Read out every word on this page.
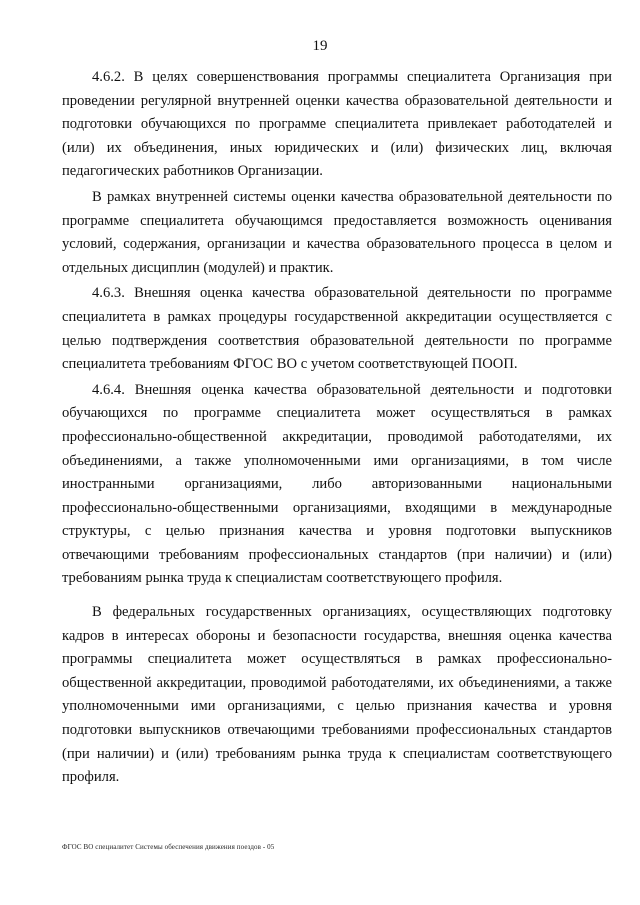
19

4.6.2. В целях совершенствования программы специалитета Организация при проведении регулярной внутренней оценки качества образовательной деятельности и подготовки обучающихся по программе специалитета привлекает работодателей и (или) их объединения, иных юридических и (или) физических лиц, включая педагогических работников Организации.

В рамках внутренней системы оценки качества образовательной деятельности по программе специалитета обучающимся предоставляется возможность оценивания условий, содержания, организации и качества образовательного процесса в целом и отдельных дисциплин (модулей) и практик.

4.6.3. Внешняя оценка качества образовательной деятельности по программе специалитета в рамках процедуры государственной аккредитации осуществляется с целью подтверждения соответствия образовательной деятельности по программе специалитета требованиям ФГОС ВО с учетом соответствующей ПООП.

4.6.4. Внешняя оценка качества образовательной деятельности и подготовки обучающихся по программе специалитета может осуществляться в рамках профессионально-общественной аккредитации, проводимой работодателями, их объединениями, а также уполномоченными ими организациями, в том числе иностранными организациями, либо авторизованными национальными профессионально-общественными организациями, входящими в международные структуры, с целью признания качества и уровня подготовки выпускников отвечающими требованиям профессиональных стандартов (при наличии) и (или) требованиям рынка труда к специалистам соответствующего профиля.

В федеральных государственных организациях, осуществляющих подготовку кадров в интересах обороны и безопасности государства, внешняя оценка качества программы специалитета может осуществляться в рамках профессионально-общественной аккредитации, проводимой работодателями, их объединениями, а также уполномоченными ими организациями, с целью признания качества и уровня подготовки выпускников отвечающими требованиями профессиональных стандартов (при наличии) и (или) требованиям рынка труда к специалистам соответствующего профиля.

ФГОС ВО специалитет Системы обеспечения движения поездов - 05
